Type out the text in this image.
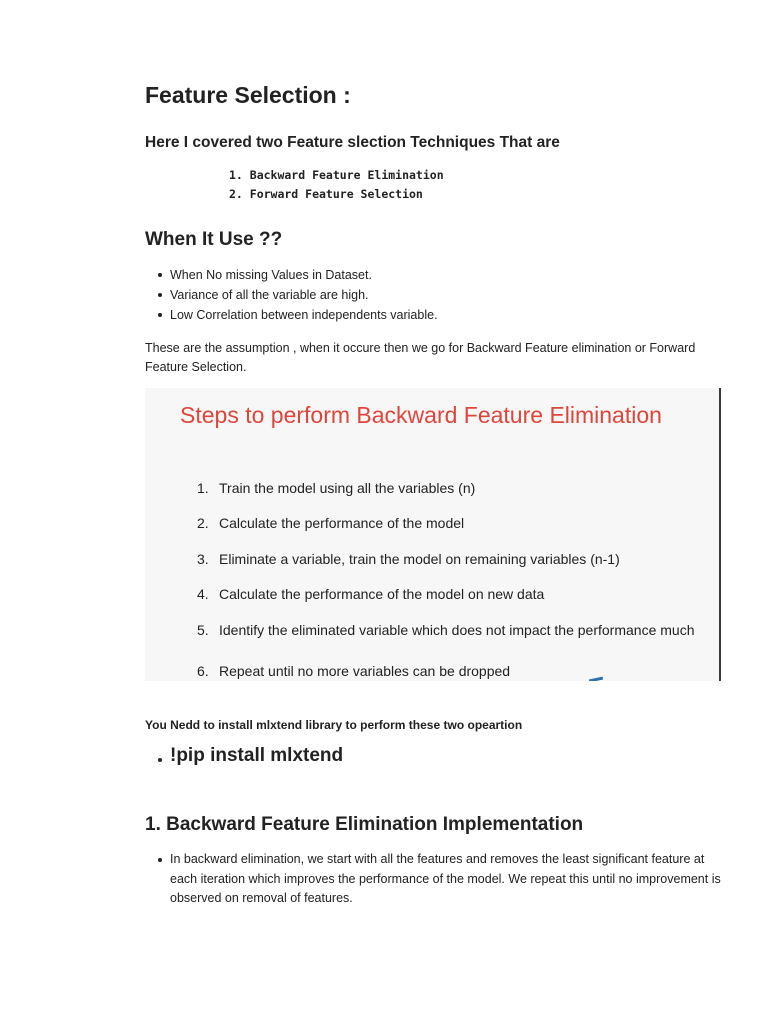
Feature Selection :

Here I covered two Feature slection Techniques That are

1. Backward Feature Elimination
2. Forward Feature Selection
When It Use ??
When No missing Values in Dataset.
Variance of all the variable are high.
Low Correlation between independents variable.

These are the assumption , when it occure then we go for Backward Feature elimination or Forward Feature Selection.

Steps to perform Backward Feature Elimination
1. Train the model using all the variables (n)
2. Calculate the performance of the model
3. Eliminate a variable, train the model on remaining variables (n-1)
4. Calculate the performance of the model on new data
5. Identify the eliminated variable which does not impact the performance much
6. Repeat until no more variables can be dropped

You Nedd to install mlxtend library to perform these two opeartion

!pip install mlxtend
1. Backward Feature Elimination Implementation
In backward elimination, we start with all the features and removes the least significant feature at each iteration which improves the performance of the model. We repeat this until no improvement is observed on removal of features.
